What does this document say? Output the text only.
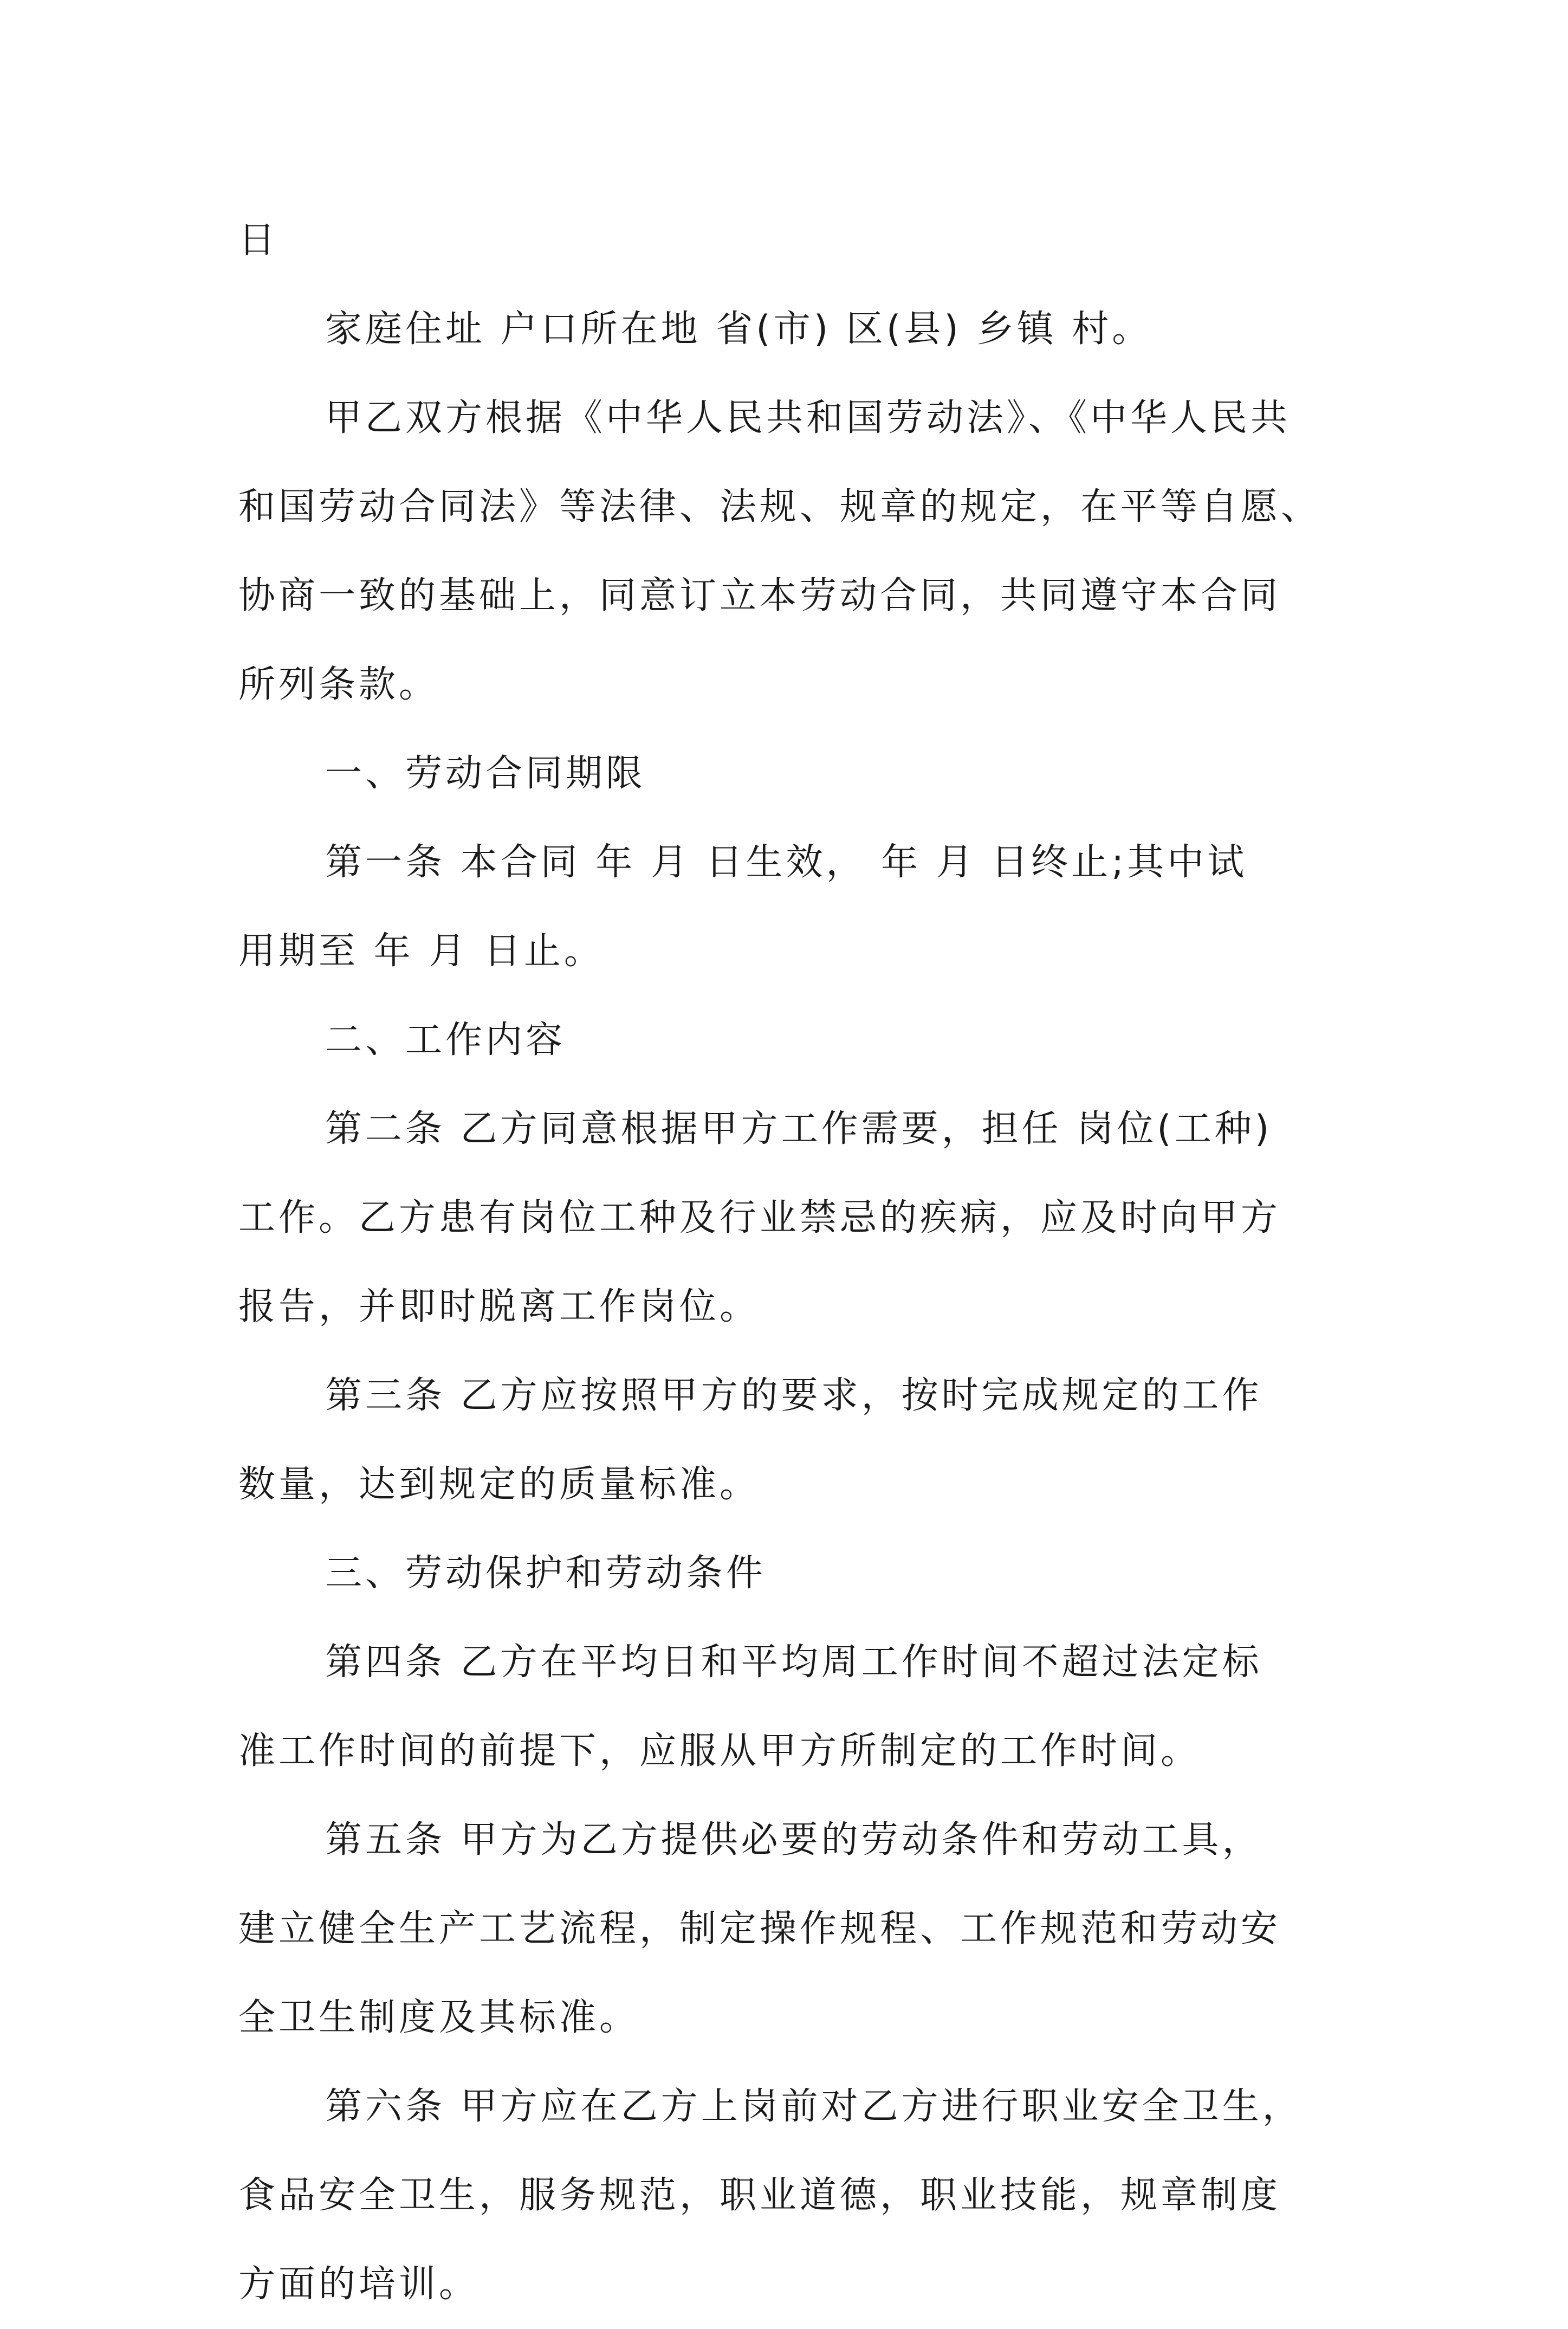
日
家庭住址 户口所在地 省(市) 区(县) 乡镇 村。
甲乙双方根据《中华人民共和国劳动法》、《中华人民共
和国劳动合同法》等法律、法规、规章的规定，在平等自愿、
协商一致的基础上，同意订立本劳动合同，共同遵守本合同
所列条款。
一、劳动合同期限
第一条 本合同 年 月 日生效， 年 月 日终止;其中试
用期至 年 月 日止。
二、工作内容
第二条 乙方同意根据甲方工作需要，担任 岗位(工种)
工作。乙方患有岗位工种及行业禁忌的疾病，应及时向甲方
报告，并即时脱离工作岗位。
第三条 乙方应按照甲方的要求，按时完成规定的工作
数量，达到规定的质量标准。
三、劳动保护和劳动条件
第四条 乙方在平均日和平均周工作时间不超过法定标
准工作时间的前提下，应服从甲方所制定的工作时间。
第五条 甲方为乙方提供必要的劳动条件和劳动工具，
建立健全生产工艺流程，制定操作规程、工作规范和劳动安
全卫生制度及其标准。
第六条 甲方应在乙方上岗前对乙方进行职业安全卫生，
食品安全卫生，服务规范，职业道德，职业技能，规章制度
方面的培训。
